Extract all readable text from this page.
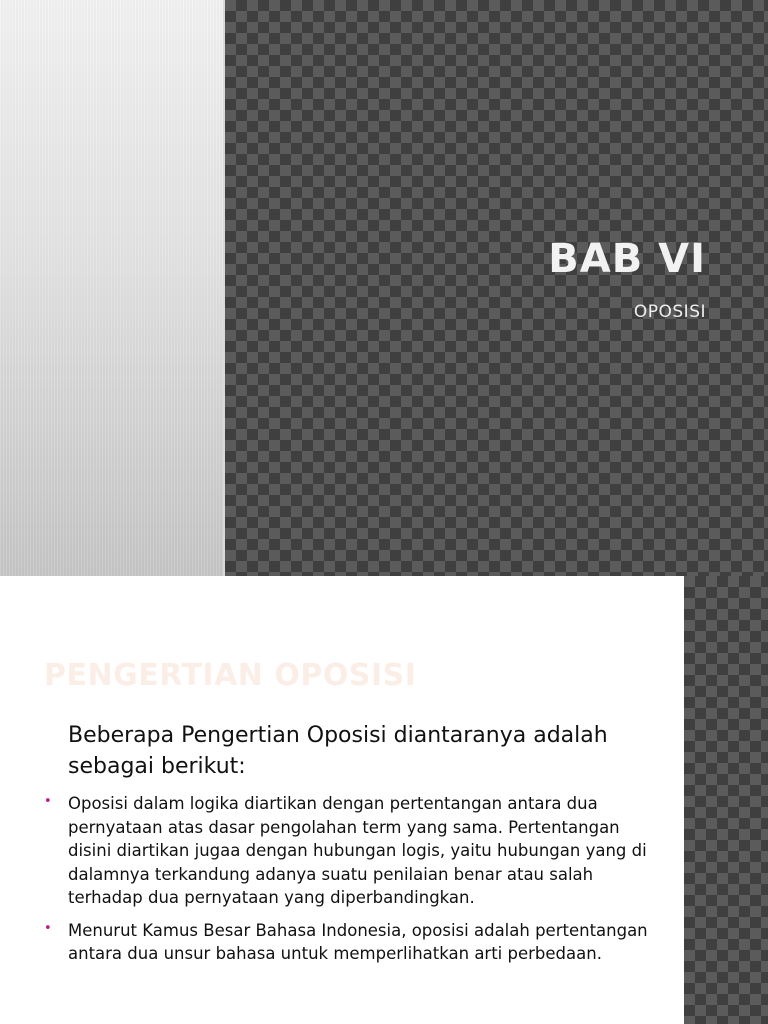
BAB VI
OPOSISI
PENGERTIAN OPOSISI

Beberapa Pengertian Oposisi diantaranya adalah sebagai berikut:

• Oposisi dalam logika diartikan dengan pertentangan antara dua pernyataan atas dasar pengolahan term yang sama. Pertentangan disini diartikan jugaa dengan hubungan logis, yaitu hubungan yang di dalamnya terkandung adanya suatu penilaian benar atau salah terhadap dua pernyataan yang diperbandingkan.
• Menurut Kamus Besar Bahasa Indonesia, oposisi adalah pertentangan antara dua unsur bahasa untuk memperlihatkan arti perbedaan.
